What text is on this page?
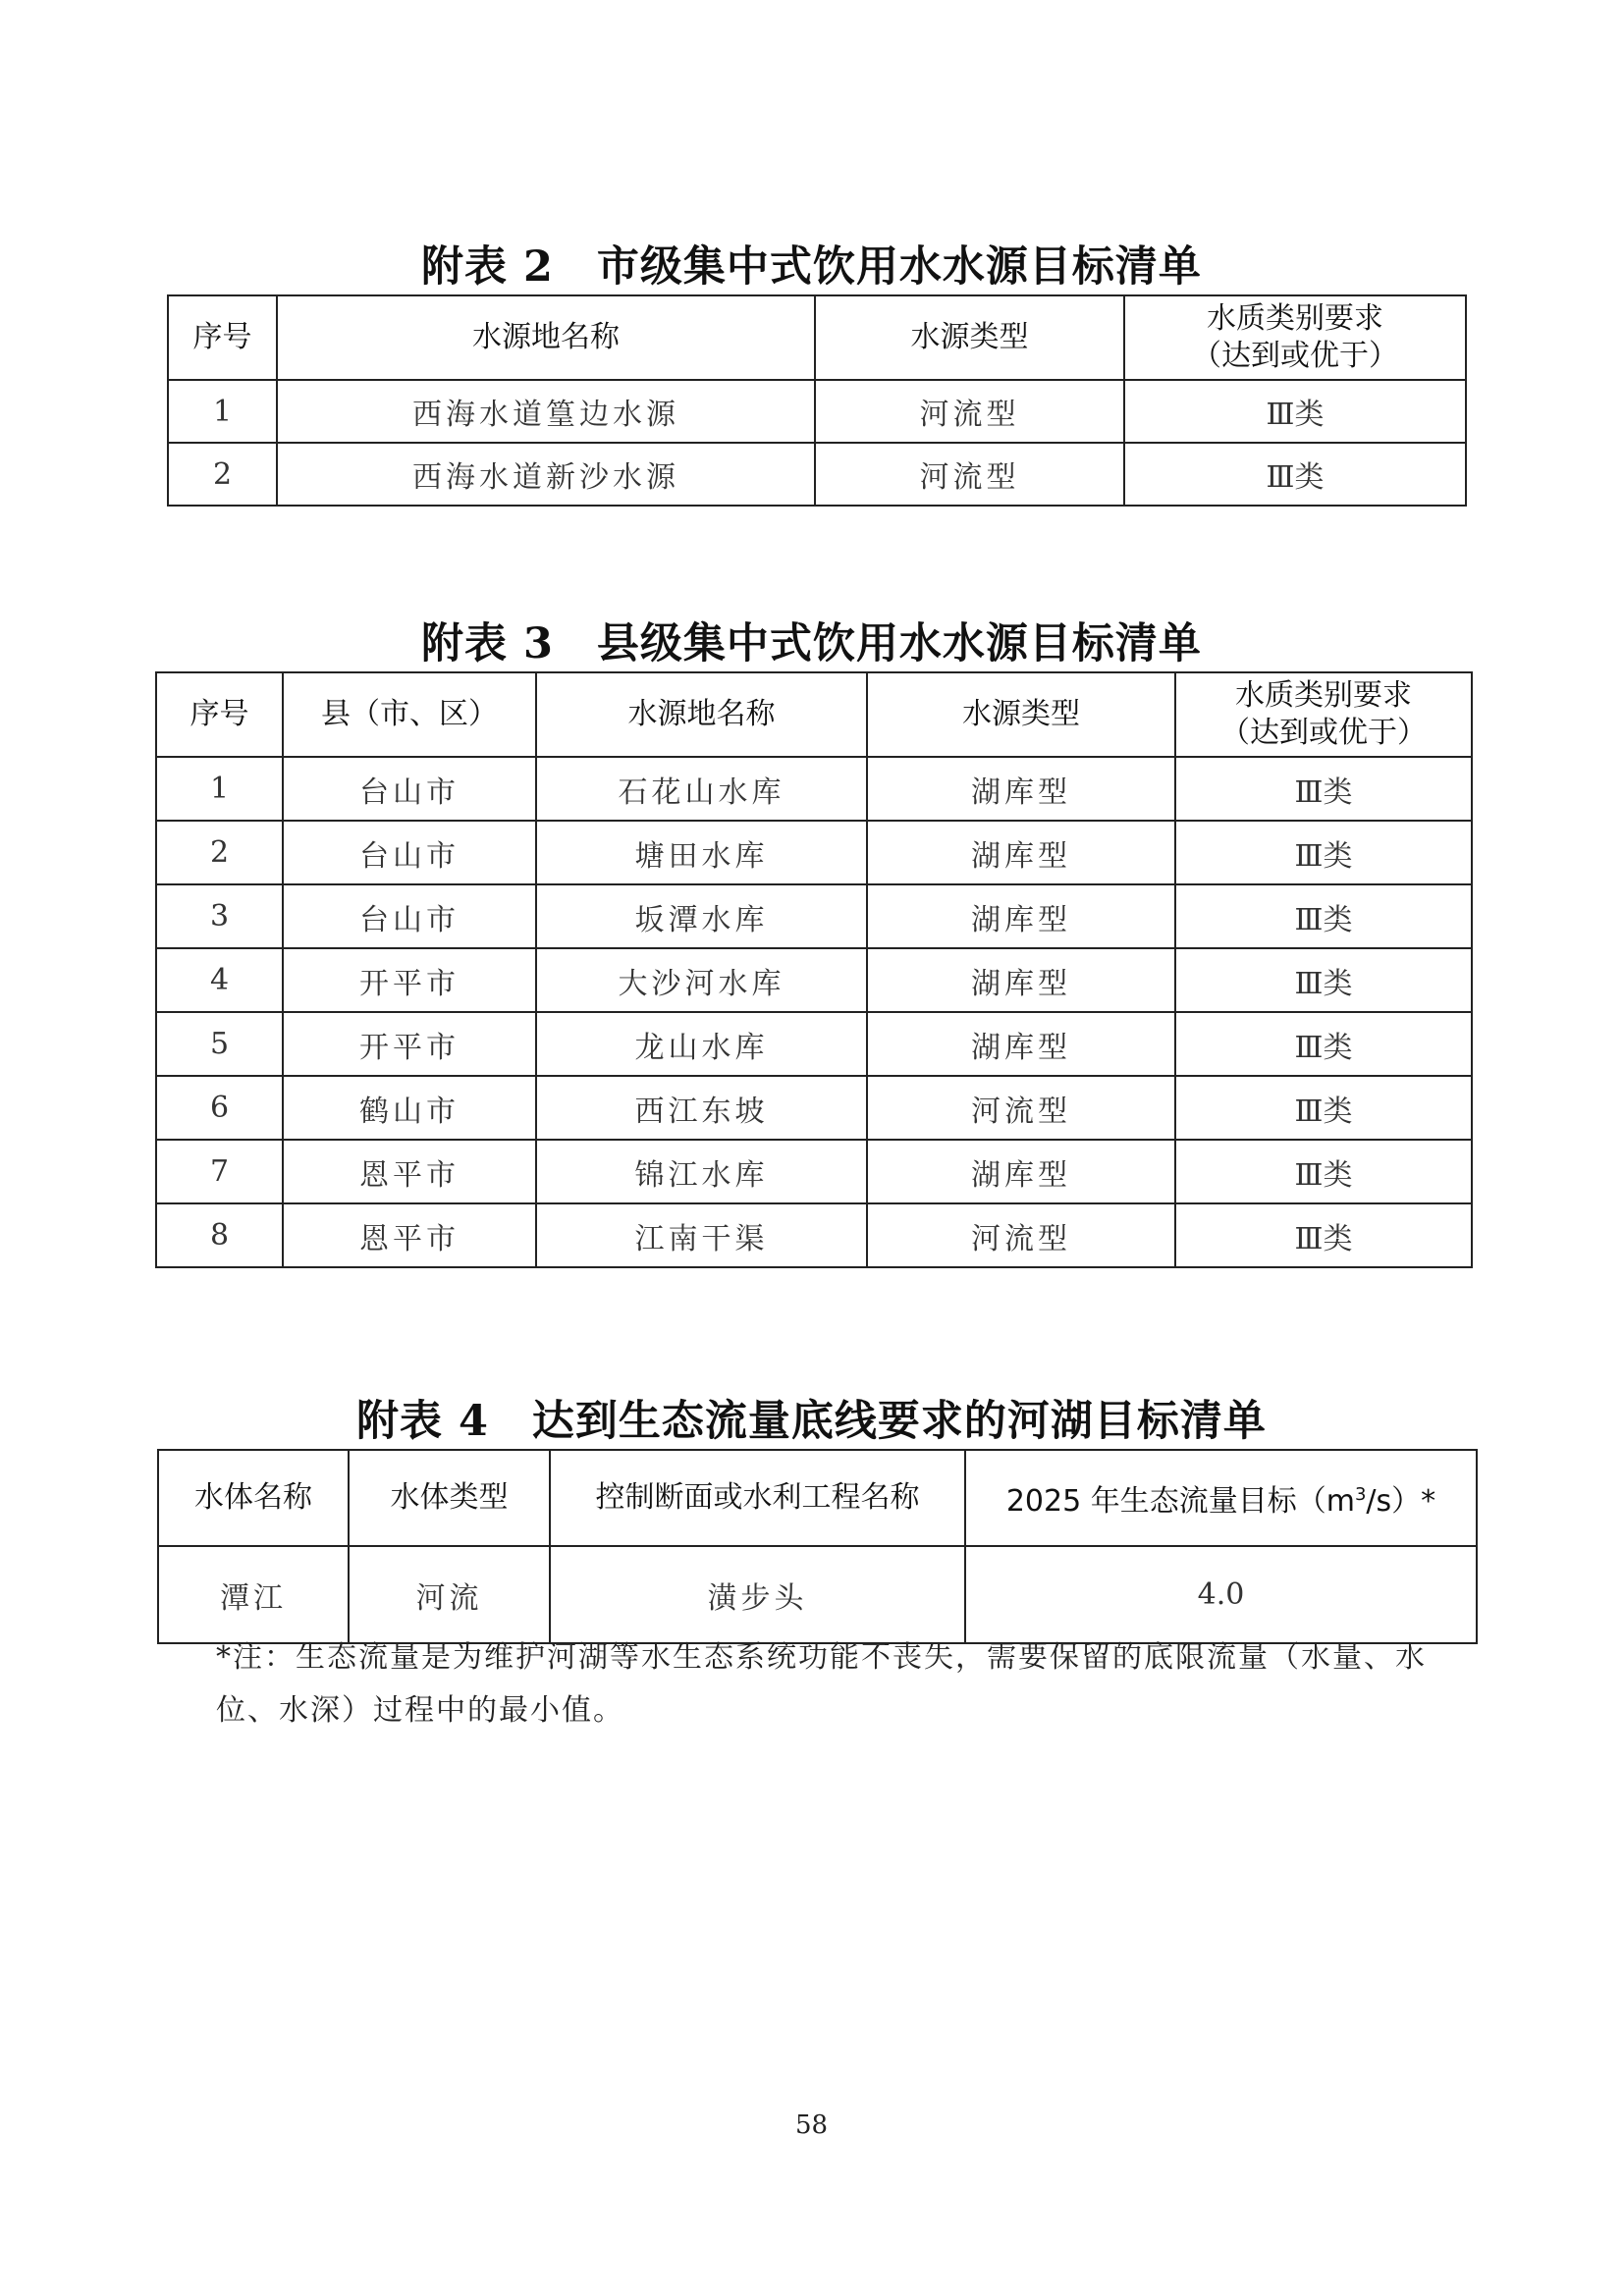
附表 2　市级集中式饮用水水源目标清单
序号	水源地名称	水源类型	水质类别要求
（达到或优于）

1	西海水道篁边水源	河流型	Ⅲ类
2	西海水道新沙水源	河流型	Ⅲ类
附表 3　县级集中式饮用水水源目标清单
序号	县（市、区）	水源地名称	水源类型	水质类别要求
（达到或优于）

1	台山市	石花山水库	湖库型	Ⅲ类
2	台山市	塘田水库	湖库型	Ⅲ类
3	台山市	坂潭水库	湖库型	Ⅲ类
4	开平市	大沙河水库	湖库型	Ⅲ类
5	开平市	龙山水库	湖库型	Ⅲ类
6	鹤山市	西江东坡	河流型	Ⅲ类
7	恩平市	锦江水库	湖库型	Ⅲ类
8	恩平市	江南干渠	河流型	Ⅲ类
附表 4　达到生态流量底线要求的河湖目标清单
水体名称	水体类型	控制断面或水利工程名称	2025 年生态流量目标$(m^3/s)*$
潭江	河流	潢步头	4.0

*注：生态流量是为维护河湖等水生态系统功能不丧失，需要保留的底限流量（水量、水位、水深）过程中的最小值。

58
